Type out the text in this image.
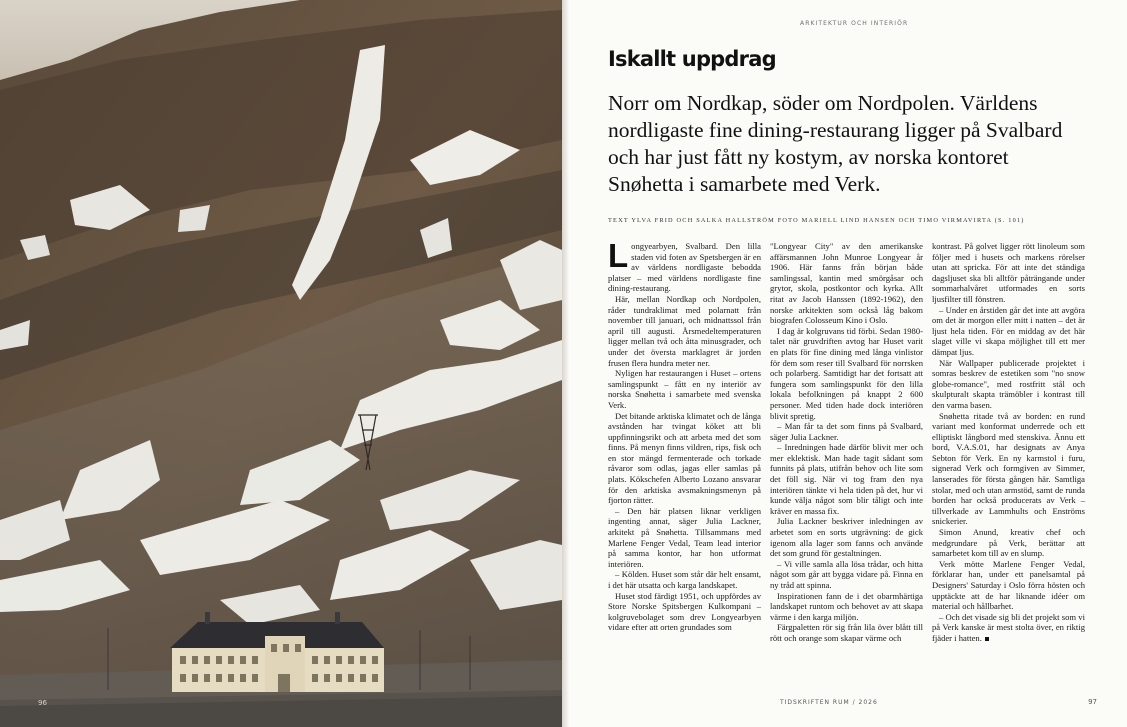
96
ARKITEKTUR OCH INTERIÖR
Iskallt uppdrag

Norr om Nordkap, söder om Nordpolen. Världens nordligaste fine dining-restaurang ligger på Svalbard och har just fått ny kostym, av norska kontoret Snøhetta i samarbete med Verk.

TEXT YLVA FRID OCH SALKA HALLSTRÖM FOTO MARIELL LIND HANSEN OCH TIMO VIRMAVIRTA (S. 101)

Longyearbyen, Svalbard. Den lilla staden vid foten av Spetsbergen är en av världens nordligaste bebodda platser – med världens nordligaste fine dining-restaurang.

Här, mellan Nordkap och Nordpolen, råder tundraklimat med polarnatt från november till januari, och midnattssol från april till augusti. Årsmedeltemperaturen ligger mellan två och åtta minusgrader, och under det översta marklagret är jorden frusen flera hundra meter ner.

Nyligen har restaurangen i Huset – ortens samlingspunkt – fått en ny interiör av norska Snøhetta i samarbete med svenska Verk.

Det bitande arktiska klimatet och de långa avstånden har tvingat köket att bli uppfinningsrikt och att arbeta med det som finns. På menyn finns vildren, rips, fisk och en stor mängd fermenterade och torkade råvaror som odlas, jagas eller samlas på plats. Kökschefen Alberto Lozano ansvarar för den arktiska avsmakningsmenyn på fjorton rätter.

– Den här platsen liknar verkligen ingenting annat, säger Julia Lackner, arkitekt på Snøhetta. Tillsammans med Marlene Fenger Vedal, Team lead interior på samma kontor, har hon utformat interiören.

– Kölden. Huset som står där helt ensamt, i det här utsatta och karga landskapet.

Huset stod färdigt 1951, och uppfördes av Store Norske Spitsbergen Kulkompani – kolgruvebolaget som drev Longyearbyen vidare efter att orten grundades som

"Longyear City" av den amerikanske affärsmannen John Munroe Longyear år 1906. Här fanns från början både samlingssal, kantin med smörgåsar och grytor, skola, postkontor och kyrka. Allt ritat av Jacob Hanssen (1892-1962), den norske arkitekten som också låg bakom biografen Colosseum Kino i Oslo.

I dag är kolgruvans tid förbi. Sedan 1980-talet när gruvdriften avtog har Huset varit en plats för fine dining med långa vinlistor för dem som reser till Svalbard för norrsken och polarberg. Samtidigt har det fortsatt att fungera som samlingspunkt för den lilla lokala befolkningen på knappt 2 600 personer. Med tiden hade dock interiören blivit spretig.

– Man får ta det som finns på Svalbard, säger Julia Lackner.

– Inredningen hade därför blivit mer och mer eklektisk. Man hade tagit sådant som funnits på plats, utifrån behov och lite som det föll sig. När vi tog fram den nya interiören tänkte vi hela tiden på det, hur vi kunde välja något som blir tåligt och inte kräver en massa fix.

Julia Lackner beskriver inledningen av arbetet som en sorts utgrävning: de gick igenom alla lager som fanns och använde det som grund för gestaltningen.

– Vi ville samla alla lösa trådar, och hitta något som går att bygga vidare på. Finna en ny tråd att spinna.

Inspirationen fann de i det obarmhärtiga landskapet runtom och behovet av att skapa värme i den karga miljön.

Färgpaletten rör sig från lila över blått till rött och orange som skapar värme och

kontrast. På golvet ligger rött linoleum som följer med i husets och markens rörelser utan att spricka. För att inte det ständiga dagsljuset ska bli alltför påträngande under sommarhalvåret utformades en sorts ljusfilter till fönstren.

– Under en årstiden går det inte att avgöra om det är morgon eller mitt i natten – det är ljust hela tiden. För en middag av det här slaget ville vi skapa möjlighet till ett mer dämpat ljus.

När Wallpaper publicerade projektet i somras beskrev de estetiken som "no snow globe-romance", med rostfritt stål och skulpturalt skapta trämöbler i kontrast till den varma basen.

Snøhetta ritade två av borden: en rund variant med konformat underrede och ett elliptiskt långbord med stenskiva. Ännu ett bord, V.A.S.01, har designats av Anya Sebton för Verk. En ny karmstol i furu, signerad Verk och formgiven av Simmer, lanserades för första gången här. Samtliga stolar, med och utan armstöd, samt de runda borden har också producerats av Verk – tillverkade av Lammhults och Enströms snickerier.

Simon Anund, kreativ chef och medgrundare på Verk, berättar att samarbetet kom till av en slump.

Verk mötte Marlene Fenger Vedal, förklarar han, under ett panelsamtal på Designers' Saturday i Oslo förra hösten och upptäckte att de har liknande idéer om material och hållbarhet.

– Och det visade sig bli det projekt som vi på Verk kanske är mest stolta över, en riktig fjäder i hatten.

TIDSKRIFTEN RUM / 2026	97
